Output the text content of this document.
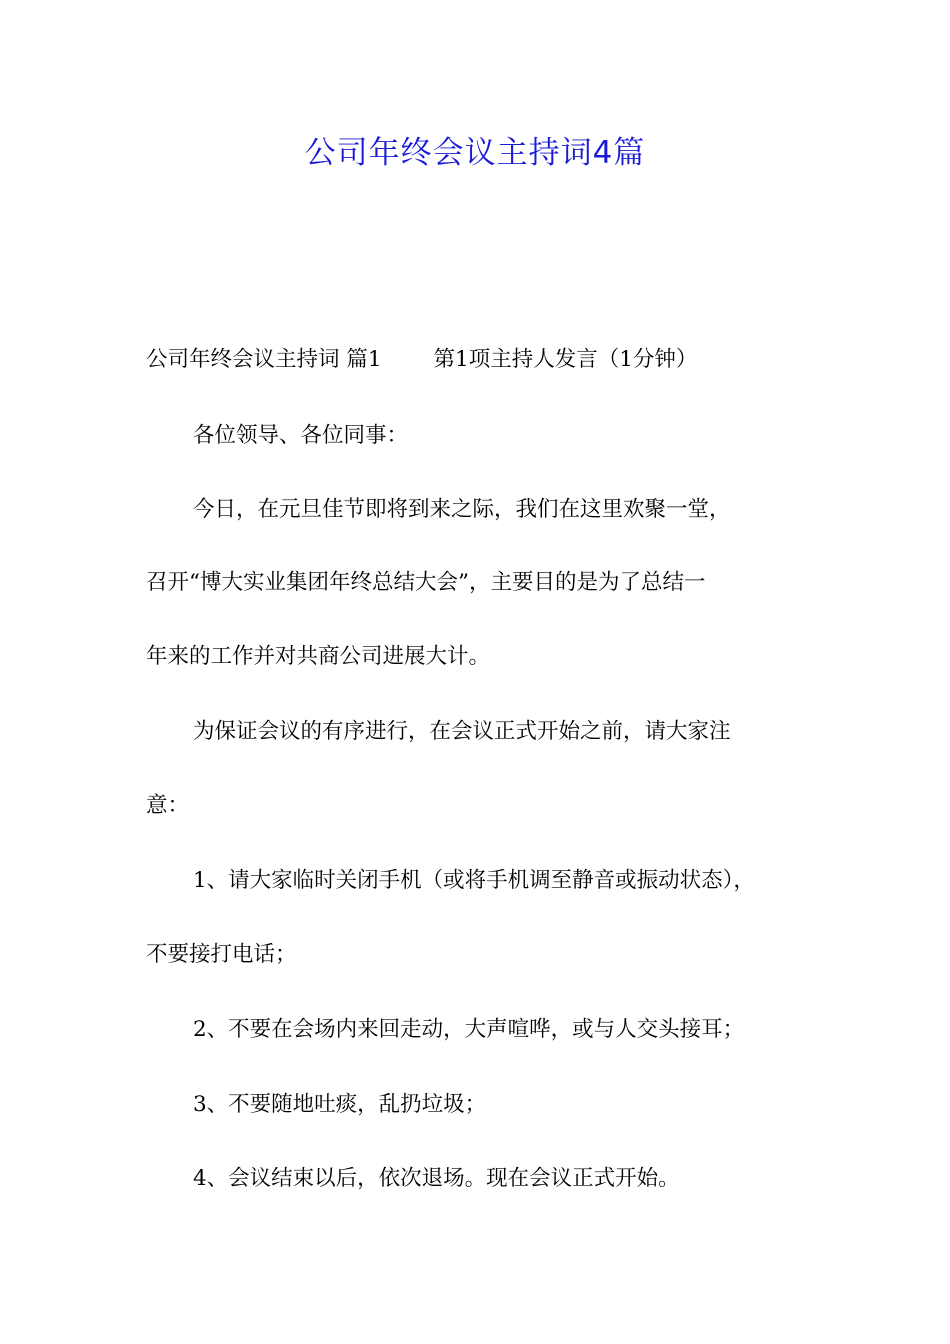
公司年终会议主持词4篇

公司年终会议主持词 篇1 第1项主持人发言（1分钟）

各位领导、各位同事：

今日，在元旦佳节即将到来之际，我们在这里欢聚一堂，

召开“博大实业集团年终总结大会”，主要目的是为了总结一

年来的工作并对共商公司进展大计。

为保证会议的有序进行，在会议正式开始之前，请大家注

意：

1、请大家临时关闭手机（或将手机调至静音或振动状态），

不要接打电话；

2、不要在会场内来回走动，大声喧哗，或与人交头接耳；

3、不要随地吐痰，乱扔垃圾；

4、会议结束以后，依次退场。现在会议正式开始。
